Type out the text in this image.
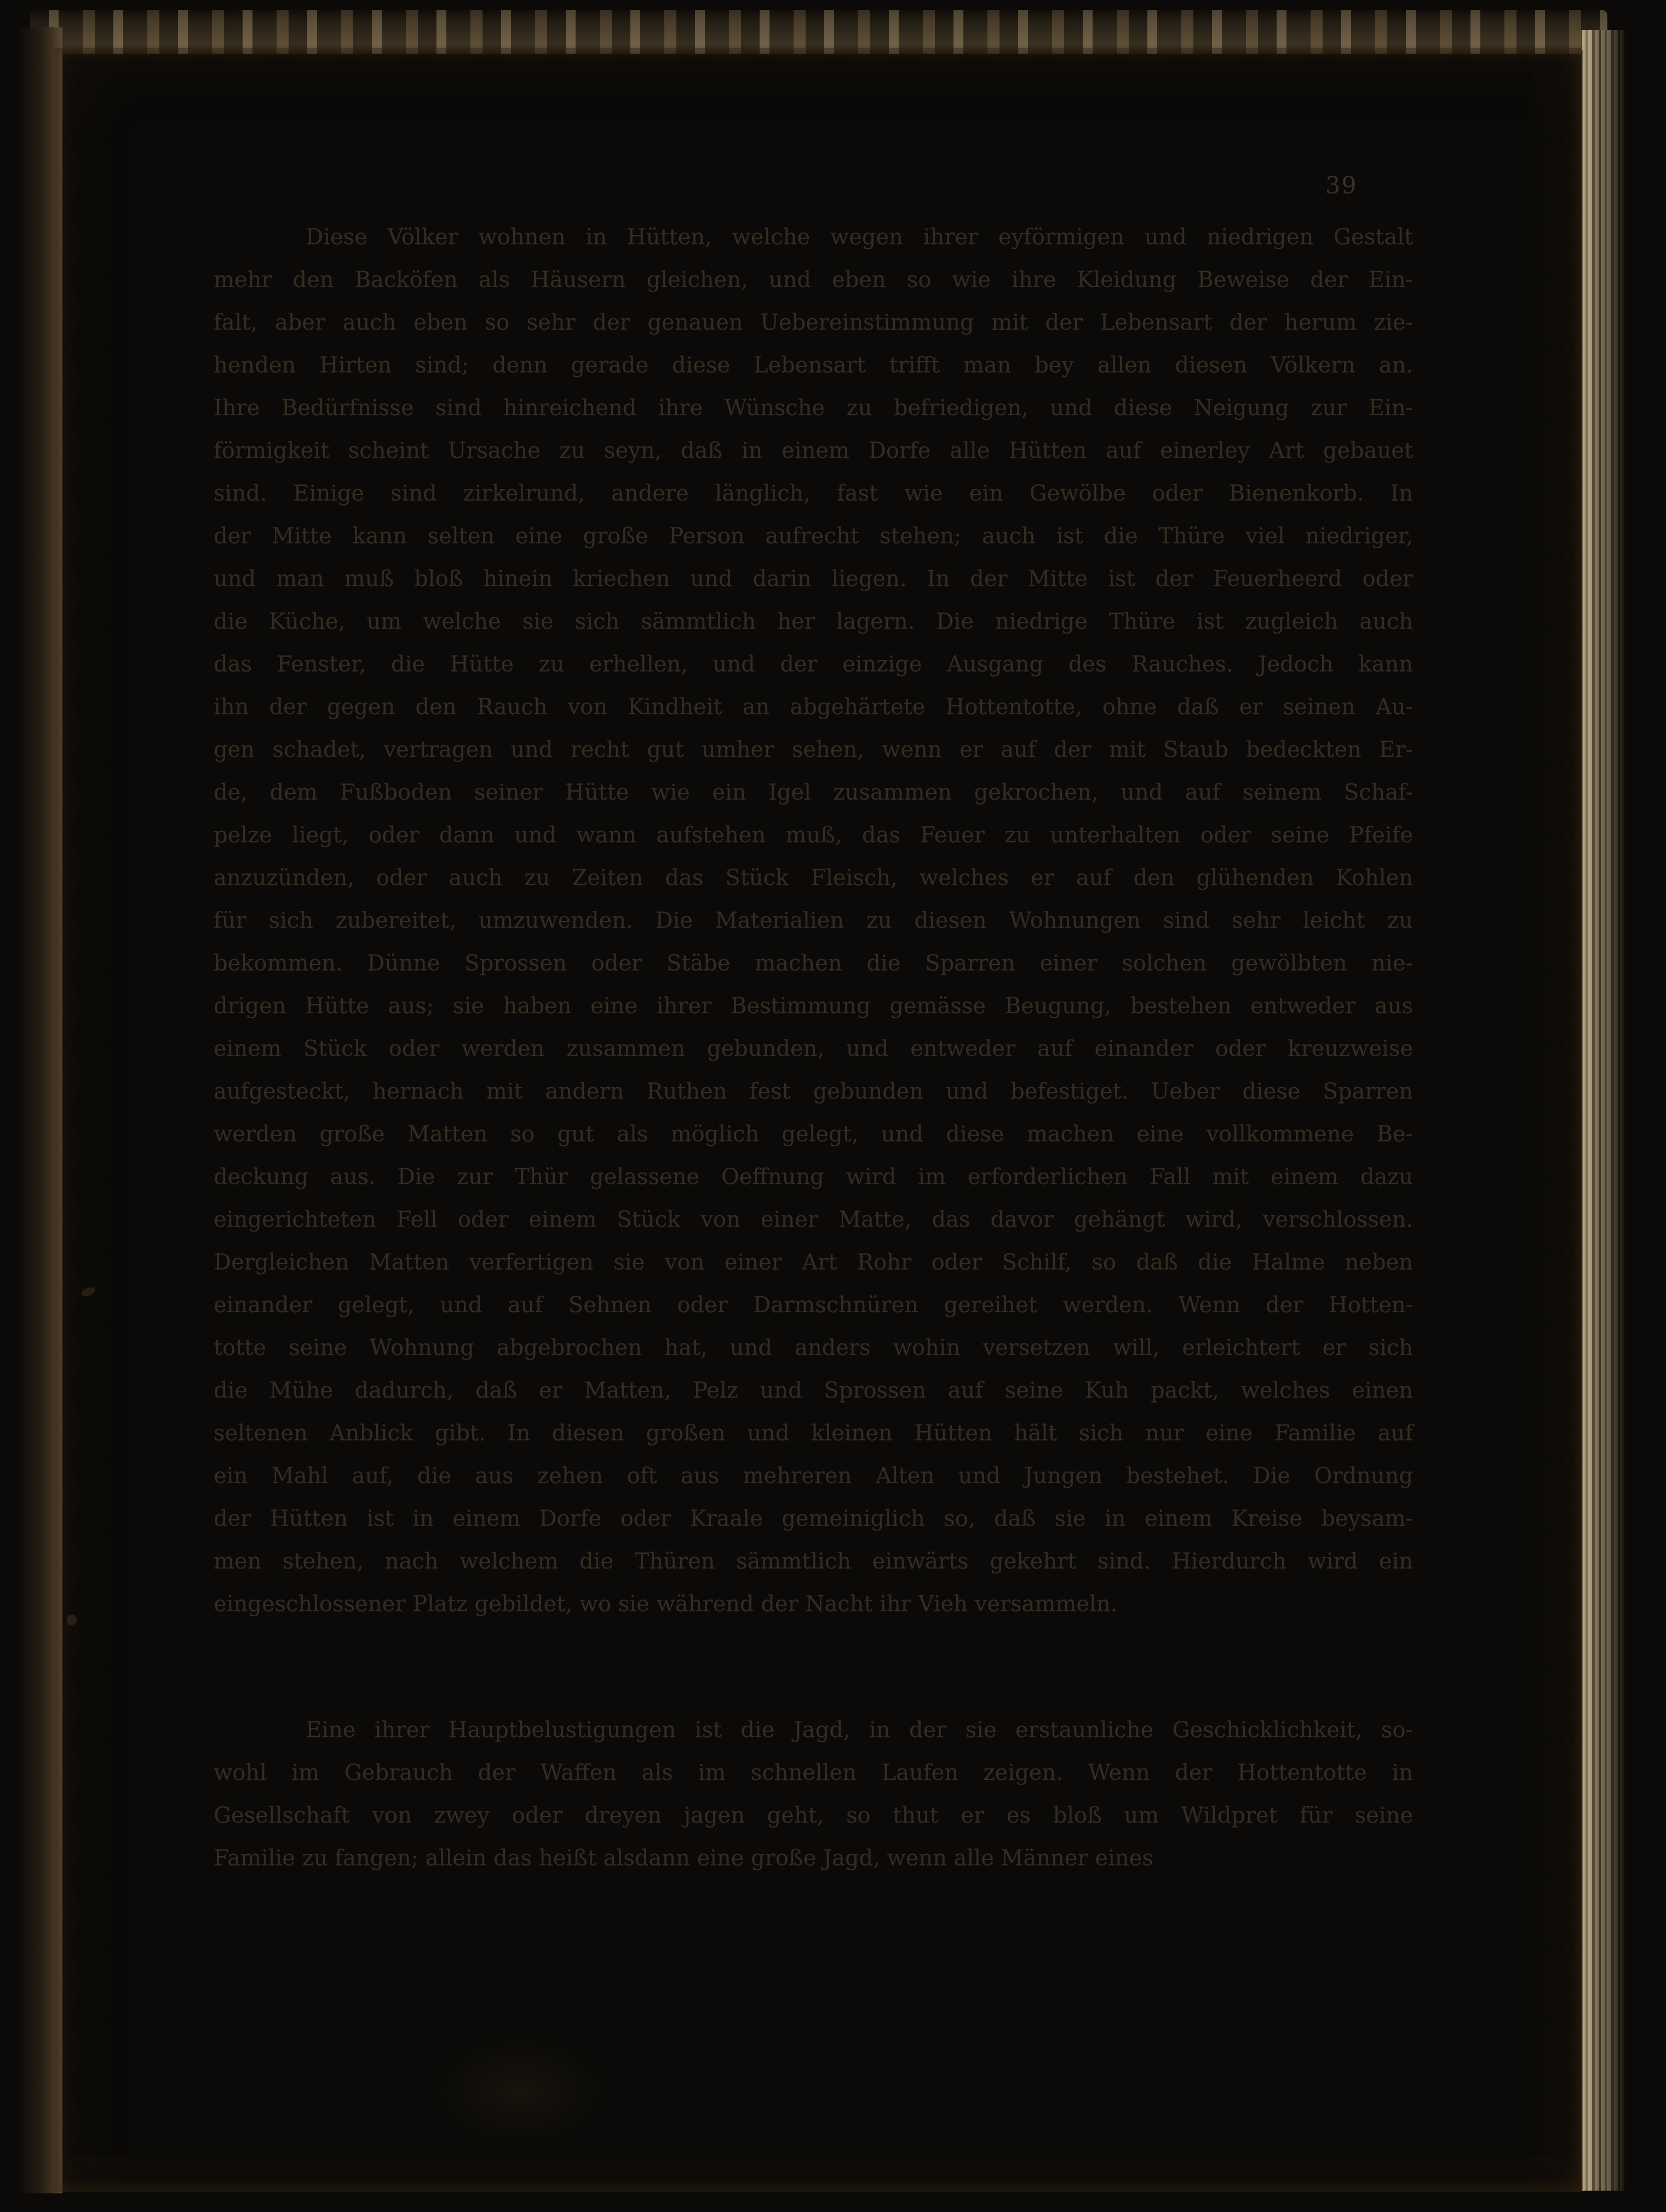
39
Diese Völker wohnen in Hütten, welche wegen ihrer eyförmigen und niedrigen Gestalt
mehr den Backöfen als Häusern gleichen, und eben so wie ihre Kleidung Beweise der Ein-
falt, aber auch eben so sehr der genauen Uebereinstimmung mit der Lebensart der herum zie-
henden Hirten sind; denn gerade diese Lebensart trifft man bey allen diesen Völkern an.
Ihre Bedürfnisse sind hinreichend ihre Wünsche zu befriedigen, und diese Neigung zur Ein-
förmigkeit scheint Ursache zu seyn, daß in einem Dorfe alle Hütten auf einerley Art gebauet
sind. Einige sind zirkelrund, andere länglich, fast wie ein Gewölbe oder Bienenkorb. In
der Mitte kann selten eine große Person aufrecht stehen; auch ist die Thüre viel niedriger,
und man muß bloß hinein kriechen und darin liegen. In der Mitte ist der Feuerheerd oder
die Küche, um welche sie sich sämmtlich her lagern. Die niedrige Thüre ist zugleich auch
das Fenster, die Hütte zu erhellen, und der einzige Ausgang des Rauches. Jedoch kann
ihn der gegen den Rauch von Kindheit an abgehärtete Hottentotte, ohne daß er seinen Au-
gen schadet, vertragen und recht gut umher sehen, wenn er auf der mit Staub bedeckten Er-
de, dem Fußboden seiner Hütte wie ein Igel zusammen gekrochen, und auf seinem Schaf-
pelze liegt, oder dann und wann aufstehen muß, das Feuer zu unterhalten oder seine Pfeife
anzuzünden, oder auch zu Zeiten das Stück Fleisch, welches er auf den glühenden Kohlen
für sich zubereitet, umzuwenden. Die Materialien zu diesen Wohnungen sind sehr leicht zu
bekommen. Dünne Sprossen oder Stäbe machen die Sparren einer solchen gewölbten nie-
drigen Hütte aus; sie haben eine ihrer Bestimmung gemässe Beugung, bestehen entweder aus
einem Stück oder werden zusammen gebunden, und entweder auf einander oder kreuzweise
aufgesteckt, hernach mit andern Ruthen fest gebunden und befestiget. Ueber diese Sparren
werden große Matten so gut als möglich gelegt, und diese machen eine vollkommene Be-
deckung aus. Die zur Thür gelassene Oeffnung wird im erforderlichen Fall mit einem dazu
eingerichteten Fell oder einem Stück von einer Matte, das davor gehängt wird, verschlossen.
Dergleichen Matten verfertigen sie von einer Art Rohr oder Schilf, so daß die Halme neben
einander gelegt, und auf Sehnen oder Darmschnüren gereihet werden. Wenn der Hotten-
totte seine Wohnung abgebrochen hat, und anders wohin versetzen will, erleichtert er sich
die Mühe dadurch, daß er Matten, Pelz und Sprossen auf seine Kuh packt, welches einen
seltenen Anblick gibt. In diesen großen und kleinen Hütten hält sich nur eine Familie auf
ein Mahl auf, die aus zehen oft aus mehreren Alten und Jungen bestehet. Die Ordnung
der Hütten ist in einem Dorfe oder Kraale gemeiniglich so, daß sie in einem Kreise beysam-
men stehen, nach welchem die Thüren sämmtlich einwärts gekehrt sind. Hierdurch wird ein
eingeschlossener Platz gebildet, wo sie während der Nacht ihr Vieh versammeln.
Eine ihrer Hauptbelustigungen ist die Jagd, in der sie erstaunliche Geschicklichkeit, so-
wohl im Gebrauch der Waffen als im schnellen Laufen zeigen. Wenn der Hottentotte in
Gesellschaft von zwey oder dreyen jagen geht, so thut er es bloß um Wildpret für seine
Familie zu fangen; allein das heißt alsdann eine große Jagd, wenn alle Männer eines
